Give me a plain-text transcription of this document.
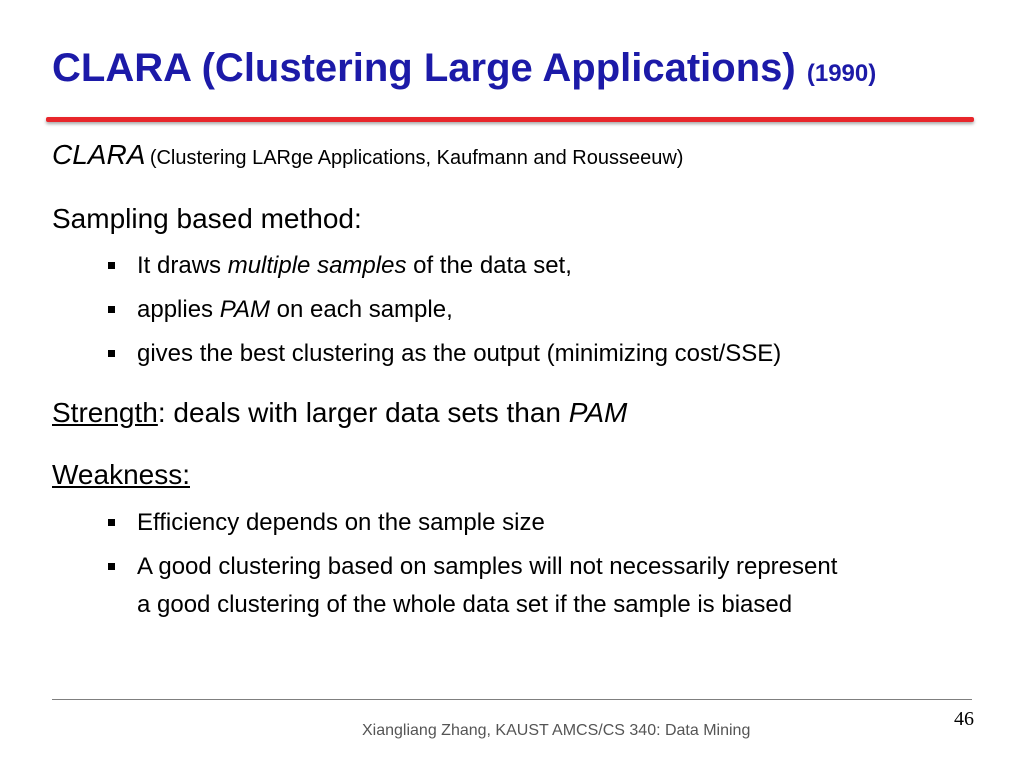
CLARA (Clustering Large Applications) (1990)
CLARA (Clustering LARge Applications, Kaufmann and Rousseeuw)
Sampling based method:
It draws multiple samples of the data set,
applies PAM on each sample,
gives the best clustering as the output (minimizing cost/SSE)
Strength: deals with larger data sets than PAM
Weakness:
Efficiency depends on the sample size
A good clustering based on samples will not necessarily represent
a good clustering of the whole data set if the sample is biased
46
Xiangliang Zhang, KAUST AMCS/CS 340: Data Mining
